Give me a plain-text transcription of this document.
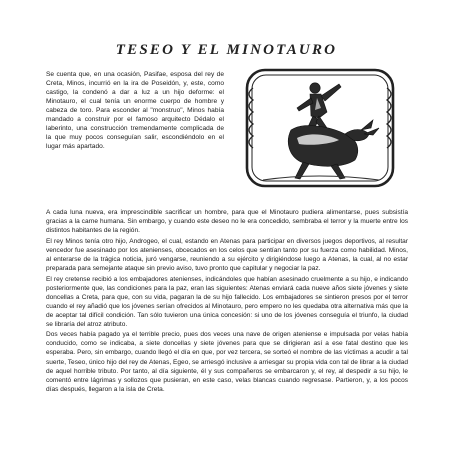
TESEO Y EL MINOTAURO

Se cuenta que, en una ocasión, Pasifae, esposa del rey de Creta, Minos, incurrió en la ira de Poseidón, y, este, como castigo, la condenó a dar a luz a un hijo deforme: el Minotauro, el cual tenía un enorme cuerpo de hombre y cabeza de toro. Para esconder al "monstruo", Minos había mandado a construir por el famoso arquitecto Dédalo el laberinto, una construcción tremendamente complicada de la que muy pocos conseguían salir, escondiéndolo en el lugar más apartado.

A cada luna nueva, era imprescindible sacrificar un hombre, para que el Minotauro pudiera alimentarse, pues subsistía gracias a la carne humana. Sin embargo, y cuando este deseo no le era concedido, sembraba el terror y la muerte entre los distintos habitantes de la región.

El rey Minos tenía otro hijo, Androgeo, el cual, estando en Atenas para participar en diversos juegos deportivos, al resultar vencedor fue asesinado por los atenienses, obcecados en los celos que sentían tanto por su fuerza como habilidad. Minos, al enterarse de la trágica noticia, juró vengarse, reuniendo a su ejército y dirigiéndose luego a Atenas, la cual, al no estar preparada para semejante ataque sin previo aviso, tuvo pronto que capitular y negociar la paz.

El rey cretense recibió a los embajadores atenienses, indicándoles que habían asesinado cruelmente a su hijo, e indicando posteriormente que, las condiciones para la paz, eran las siguientes: Atenas enviará cada nueve años siete jóvenes y siete doncellas a Creta, para que, con su vida, pagaran la de su hijo fallecido. Los embajadores se sintieron presos por el terror cuando el rey añadió que los jóvenes serían ofrecidos al Minotauro, pero empero no les quedaba otra alternativa más que la de aceptar tal difícil condición. Tan sólo tuvieron una única concesión: si uno de los jóvenes conseguía el triunfo, la ciudad se libraría del atroz atributo.

Dos veces había pagado ya el terrible precio, pues dos veces una nave de origen ateniense e impulsada por velas había conducido, como se indicaba, a siete doncellas y siete jóvenes para que se dirigieran así a ese fatal destino que les esperaba. Pero, sin embargo, cuando llegó el día en que, por vez tercera, se sorteó el nombre de las víctimas a acudir a tal suerte, Teseo, único hijo del rey de Atenas, Egeo, se arriesgó inclusive a arriesgar su propia vida con tal de librar a la ciudad de aquel horrible tributo. Por tanto, al día siguiente, él y sus compañeros se embarcaron y, el rey, al despedir a su hijo, le comentó entre lágrimas y sollozos que pusieran, en este caso, velas blancas cuando regresase. Partieron, y, a los pocos días después, llegaron a la isla de Creta.
